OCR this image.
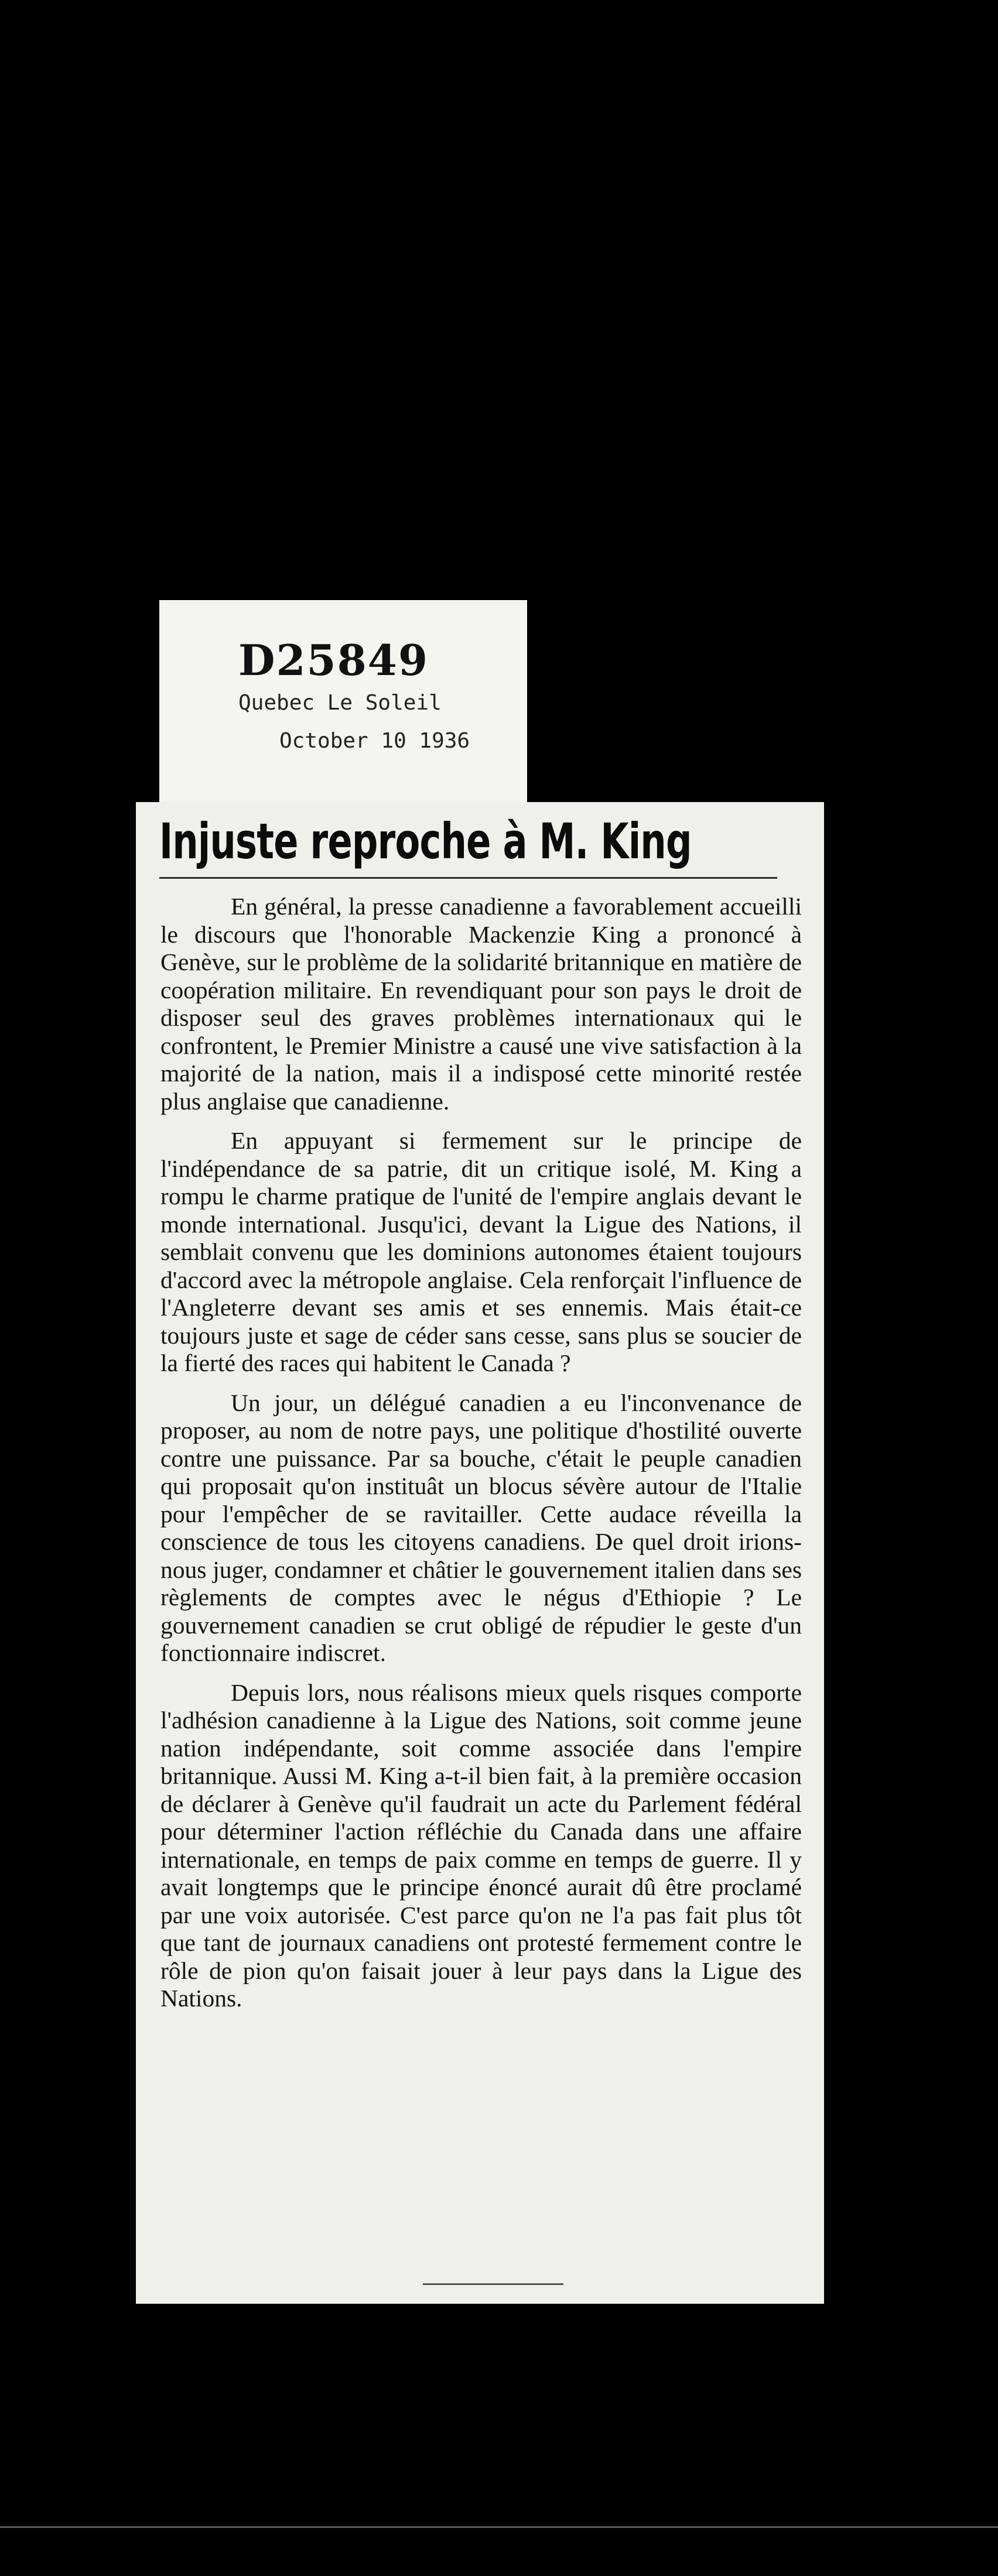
D25849
Quebec Le Soleil
October 10 1936
Injuste reproche à M. King

En général, la presse canadienne a favorablement accueilli le discours que l'honorable Mackenzie King a prononcé à Genève, sur le problème de la solidarité britannique en matière de coopération militaire. En revendiquant pour son pays le droit de disposer seul des graves problèmes internationaux qui le confrontent, le Premier Ministre a causé une vive satisfaction à la majorité de la nation, mais il a indisposé cette minorité restée plus anglaise que canadienne.

En appuyant si fermement sur le principe de l'indépendance de sa patrie, dit un critique isolé, M. King a rompu le charme pratique de l'unité de l'empire anglais devant le monde international. Jusqu'ici, devant la Ligue des Nations, il semblait convenu que les dominions autonomes étaient toujours d'accord avec la métropole anglaise. Cela renforçait l'influence de l'Angleterre devant ses amis et ses ennemis. Mais était-ce toujours juste et sage de céder sans cesse, sans plus se soucier de la fierté des races qui habitent le Canada ?

Un jour, un délégué canadien a eu l'inconvenance de proposer, au nom de notre pays, une politique d'hostilité ouverte contre une puissance. Par sa bouche, c'était le peuple canadien qui proposait qu'on instituât un blocus sévère autour de l'Italie pour l'empêcher de se ravitailler. Cette audace réveilla la conscience de tous les citoyens canadiens. De quel droit irions-nous juger, condamner et châtier le gouvernement italien dans ses règlements de comptes avec le négus d'Ethiopie ? Le gouvernement canadien se crut obligé de répudier le geste d'un fonctionnaire indiscret.

Depuis lors, nous réalisons mieux quels risques comporte l'adhésion canadienne à la Ligue des Nations, soit comme jeune nation indépendante, soit comme associée dans l'empire britannique. Aussi M. King a-t-il bien fait, à la première occasion de déclarer à Genève qu'il faudrait un acte du Parlement fédéral pour déterminer l'action réfléchie du Canada dans une affaire internationale, en temps de paix comme en temps de guerre. Il y avait longtemps que le principe énoncé aurait dû être proclamé par une voix autorisée. C'est parce qu'on ne l'a pas fait plus tôt que tant de journaux canadiens ont protesté fermement contre le rôle de pion qu'on faisait jouer à leur pays dans la Ligue des Nations.
